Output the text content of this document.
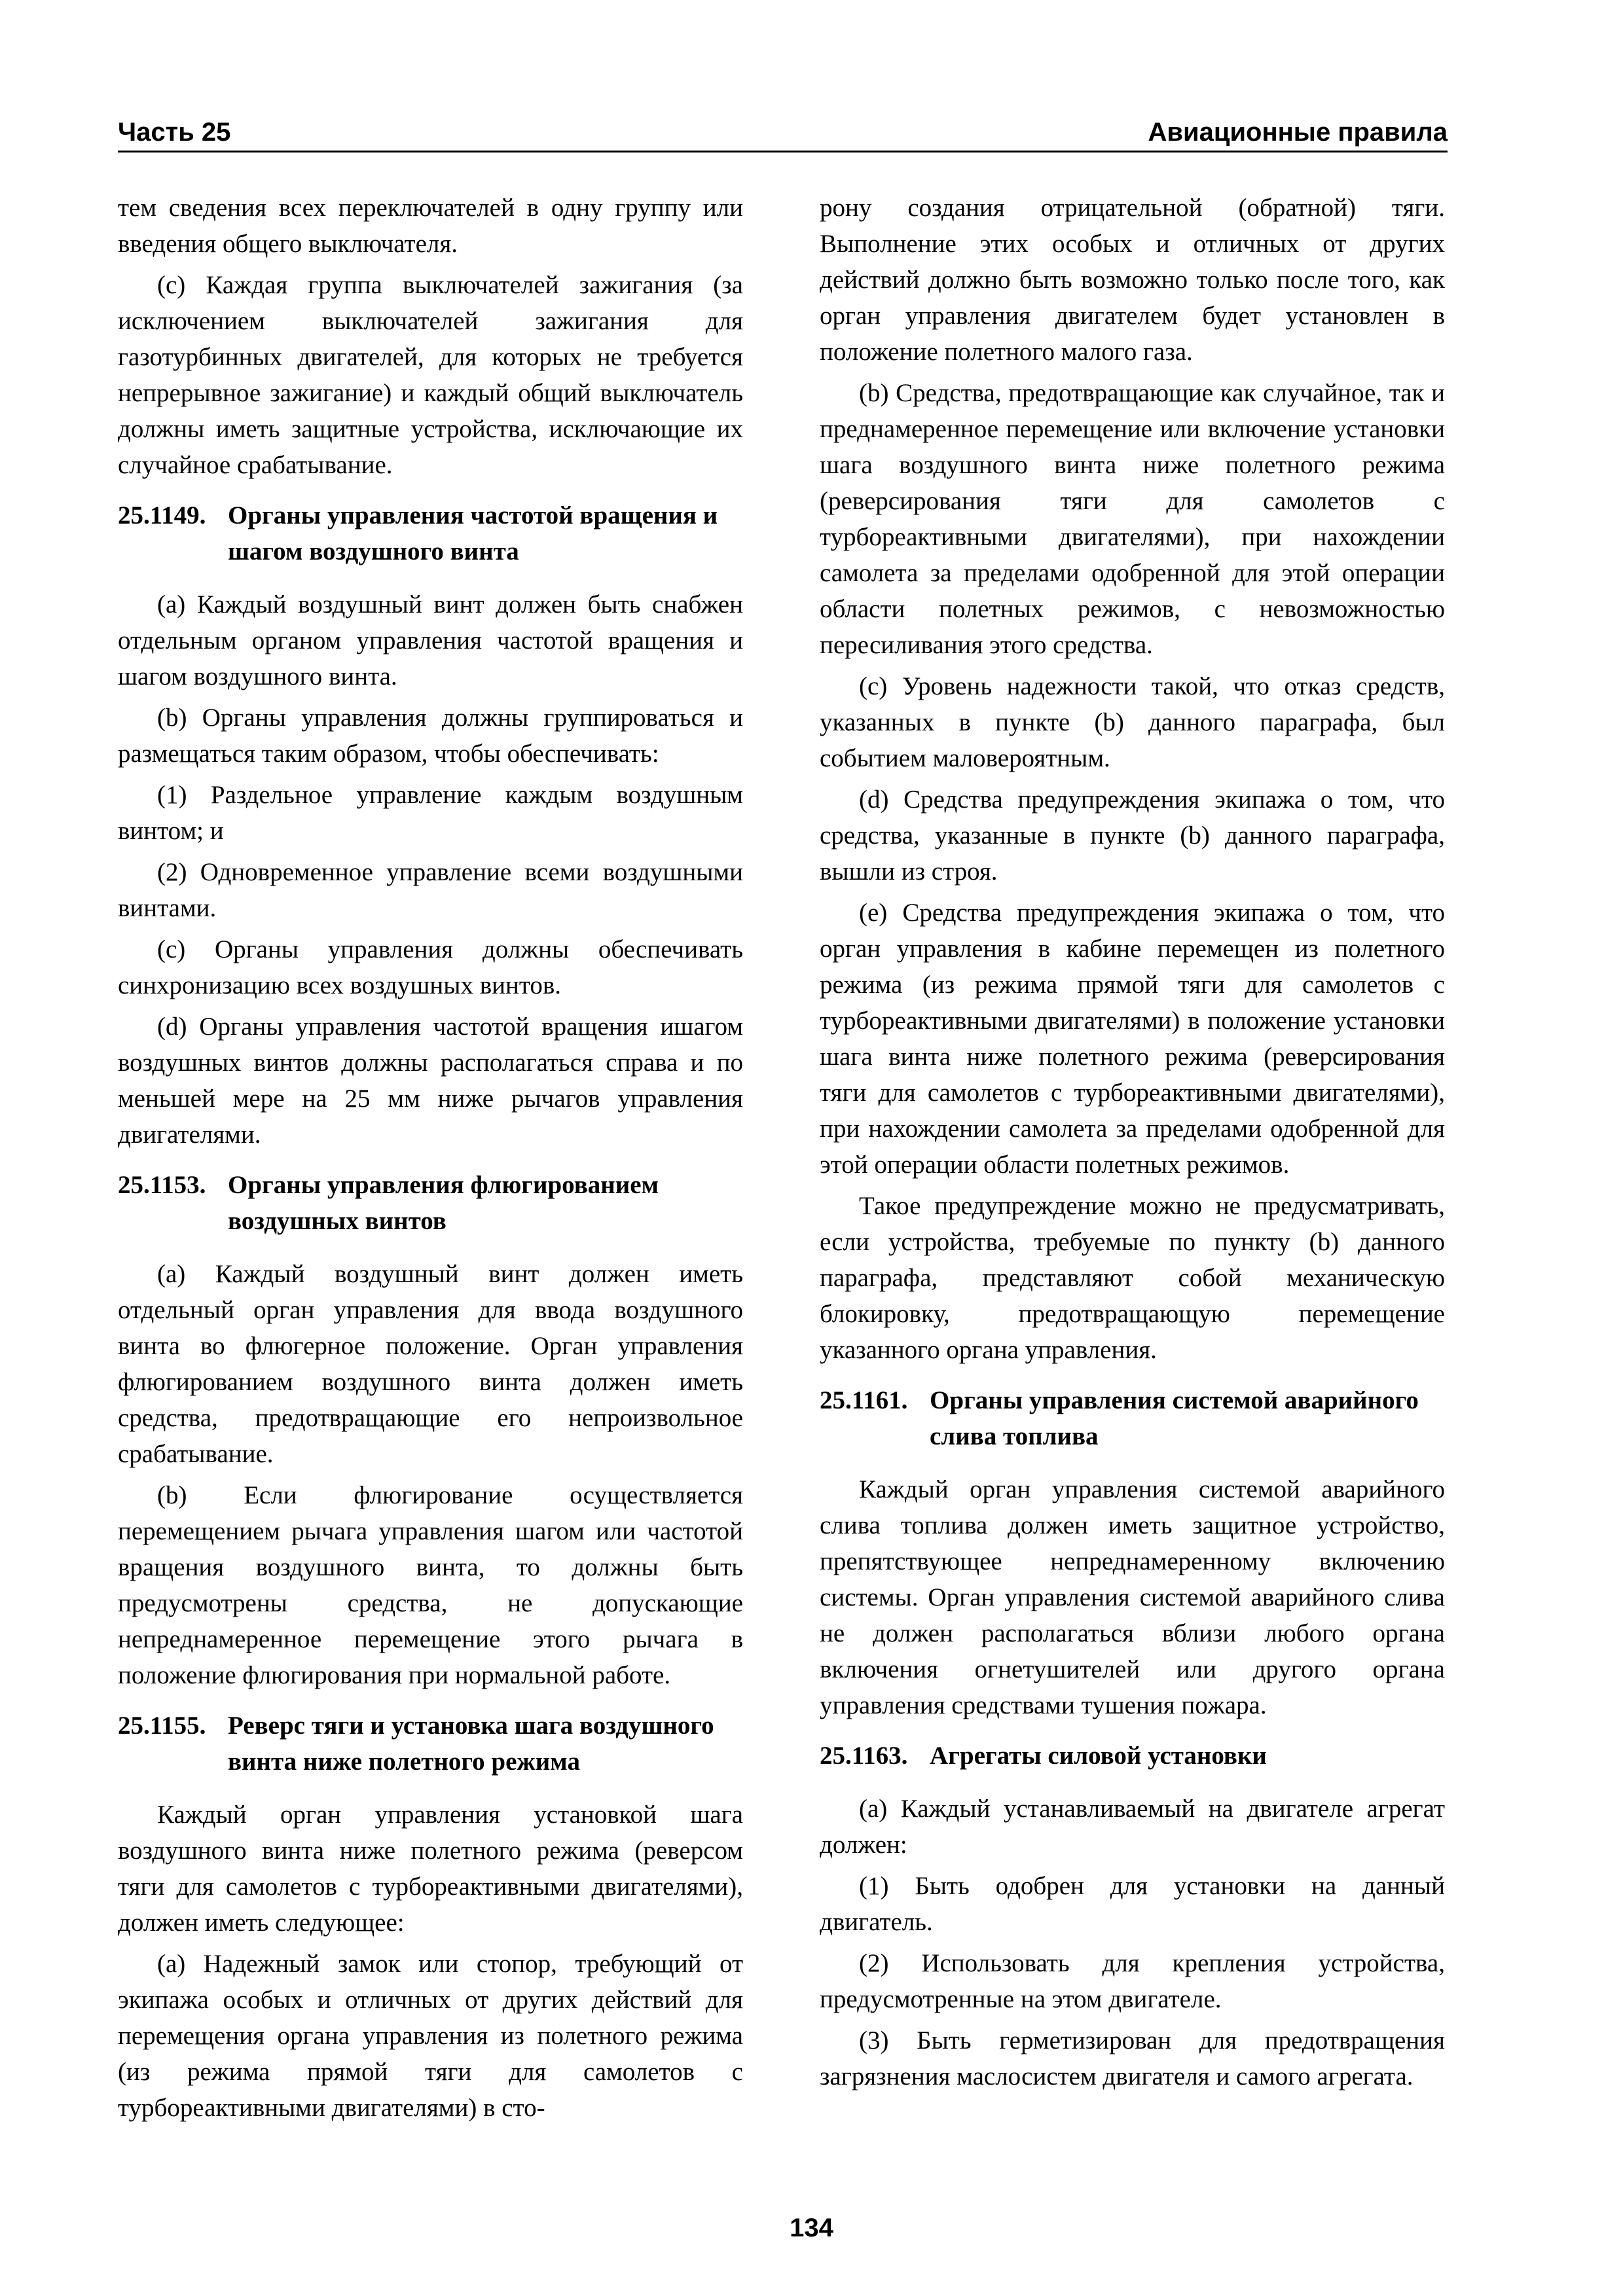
Часть 25	Авиационные правила

тем сведения всех переключателей в одну группу или введения общего выключателя.

(c) Каждая группа выключателей зажигания (за исключением выключателей зажигания для газотурбинных двигателей, для которых не требуется непрерывное зажигание) и каждый общий выключатель должны иметь защитные устройства, исключающие их случайное срабатывание.

25.1149. Органы управления частотой вращения и шагом воздушного винта

(a) Каждый воздушный винт должен быть снабжен отдельным органом управления частотой вращения и шагом воздушного винта.

(b) Органы управления должны группироваться и размещаться таким образом, чтобы обеспечивать:

(1) Раздельное управление каждым воздушным винтом; и

(2) Одновременное управление всеми воздушными винтами.

(c) Органы управления должны обеспечивать синхронизацию всех воздушных винтов.

(d) Органы управления частотой вращения ишагом воздушных винтов должны располагаться справа и по меньшей мере на 25 мм ниже рычагов управления двигателями.

25.1153. Органы управления флюгированием воздушных винтов

(a) Каждый воздушный винт должен иметь отдельный орган управления для ввода воздушного винта во флюгерное положение. Орган управления флюгированием воздушного винта должен иметь средства, предотвращающие его непроизвольное срабатывание.

(b) Если флюгирование осуществляется перемещением рычага управления шагом или частотой вращения воздушного винта, то должны быть предусмотрены средства, не допускающие непреднамеренное перемещение этого рычага в положение флюгирования при нормальной работе.

25.1155. Реверс тяги и установка шага воздушного винта ниже полетного режима

Каждый орган управления установкой шага воздушного винта ниже полетного режима (реверсом тяги для самолетов с турбореактивными двигателями), должен иметь следующее:

(a) Надежный замок или стопор, требующий от экипажа особых и отличных от других действий для перемещения органа управления из полетного режима (из режима прямой тяги для самолетов с турбореактивными двигателями) в сто-

рону создания отрицательной (обратной) тяги. Выполнение этих особых и отличных от других действий должно быть возможно только после того, как орган управления двигателем будет установлен в положение полетного малого газа.

(b) Средства, предотвращающие как случайное, так и преднамеренное перемещение или включение установки шага воздушного винта ниже полетного режима (реверсирования тяги для самолетов с турбореактивными двигателями), при нахождении самолета за пределами одобренной для этой операции области полетных режимов, с невозможностью пересиливания этого средства.

(c) Уровень надежности такой, что отказ средств, указанных в пункте (b) данного параграфа, был событием маловероятным.

(d) Средства предупреждения экипажа о том, что средства, указанные в пункте (b) данного параграфа, вышли из строя.

(e) Средства предупреждения экипажа о том, что орган управления в кабине перемещен из полетного режима (из режима прямой тяги для самолетов с турбореактивными двигателями) в положение установки шага винта ниже полетного режима (реверсирования тяги для самолетов с турбореактивными двигателями), при нахождении самолета за пределами одобренной для этой операции области полетных режимов.

Такое предупреждение можно не предусматривать, если устройства, требуемые по пункту (b) данного параграфа, представляют собой механическую блокировку, предотвращающую перемещение указанного органа управления.

25.1161. Органы управления системой аварийного слива топлива

Каждый орган управления системой аварийного слива топлива должен иметь защитное устройство, препятствующее непреднамеренному включению системы. Орган управления системой аварийного слива не должен располагаться вблизи любого органа включения огнетушителей или другого органа управления средствами тушения пожара.

25.1163. Агрегаты силовой установки

(a) Каждый устанавливаемый на двигателе агрегат должен:

(1) Быть одобрен для установки на данный двигатель.

(2) Использовать для крепления устройства, предусмотренные на этом двигателе.

(3) Быть герметизирован для предотвращения загрязнения маслосистем двигателя и самого агрегата.

134
